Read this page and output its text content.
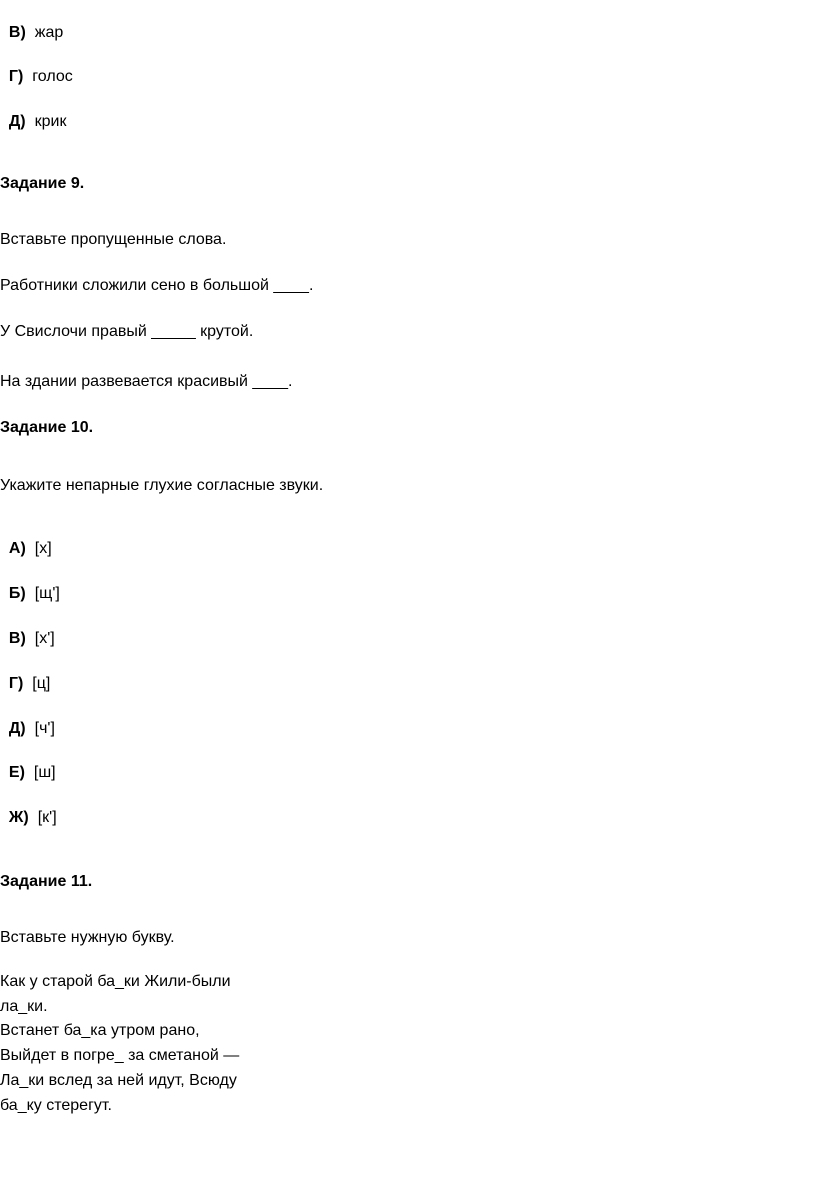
В) жар

Г) голос

Д) крик

Задание 9.
Вставьте пропущенные слова.
Работники сложили сено в большой ____.
У Свислочи правый _____ крутой.
На здании развевается красивый ____.
Задание 10.
Укажите непарные глухие согласные звуки.

А) [х]

Б) [щ']

В) [х']

Г) [ц]

Д) [ч']

Е) [ш]

Ж) [к']

Задание 11.
Вставьте нужную букву.
Как у старой ба_ки Жили-были
ла_ки.
Встанет ба_ка утром рано,
Выйдет в погре_ за сметаной —
Ла_ки вслед за ней идут, Всюду
ба_ку стерегут.
